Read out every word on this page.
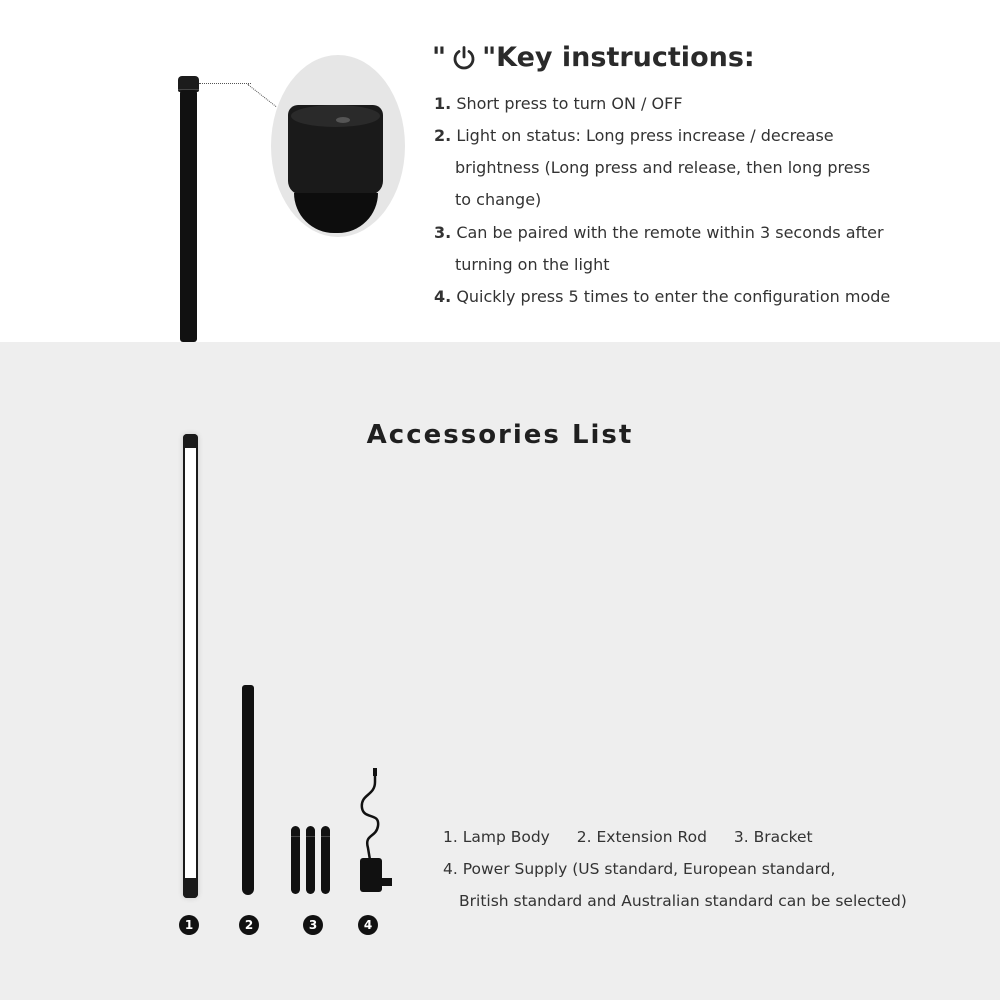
" "Key instructions:
1. Short press to turn ON / OFF
2. Light on status: Long press increase / decrease
brightness (Long press and release, then long press
to change)
3. Can be paired with the remote within 3 seconds after
turning on the light
4. Quickly press 5 times to enter the configuration mode
Accessories List
1	2	3	4
1. Lamp Body 2. Extension Rod 3. Bracket
4. Power Supply (US standard, European standard,
British standard and Australian standard can be selected)
